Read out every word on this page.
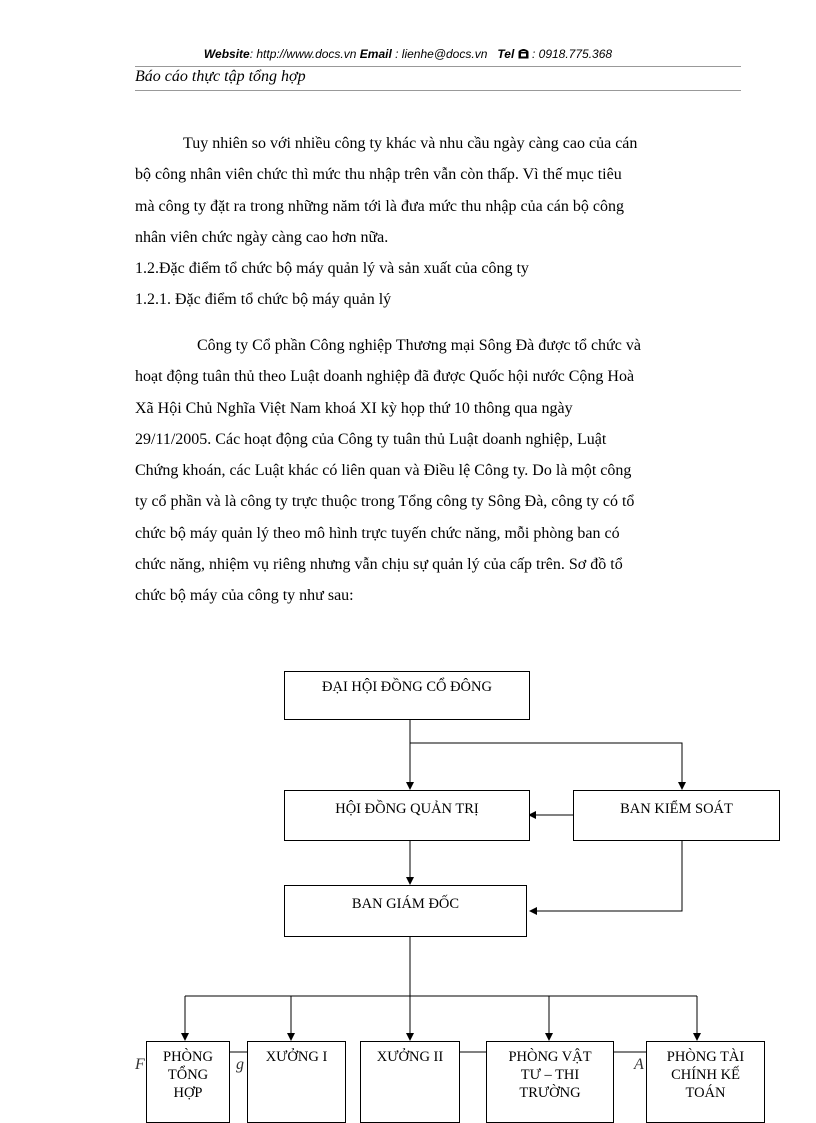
Website: http://www.docs.vn Email : lienhe@docs.vn Tel : 0918.775.368
Báo cáo thực tập tổng hợp
Tuy nhiên so với nhiều công ty khác và nhu cầu ngày càng cao của cán
bộ công nhân viên chức thì mức thu nhập trên vẫn còn thấp. Vì thế mục tiêu
mà công ty đặt ra trong những năm tới là đưa mức thu nhập của cán bộ công
nhân viên chức ngày càng cao hơn nữa.
1.2.Đặc điểm tổ chức bộ máy quản lý và sản xuất của công ty
1.2.1. Đặc điểm tổ chức bộ máy quản lý
Công ty Cổ phần Công nghiệp Thương mại Sông Đà được tổ chức và
hoạt động tuân thủ theo Luật doanh nghiệp đã được Quốc hội nước Cộng Hoà
Xã Hội Chủ Nghĩa Việt Nam khoá XI kỳ họp thứ 10 thông qua ngày
29/11/2005. Các hoạt động của Công ty tuân thủ Luật doanh nghiệp, Luật
Chứng khoán, các Luật khác có liên quan và Điều lệ Công ty. Do là một công
ty cổ phần và là công ty trực thuộc trong Tổng công ty Sông Đà, công ty có tổ
chức bộ máy quản lý theo mô hình trực tuyến chức năng, mỗi phòng ban có
chức năng, nhiệm vụ riêng nhưng vẫn chịu sự quản lý của cấp trên. Sơ đồ tổ
chức bộ máy của công ty như sau:
ĐẠI HỘI ĐỒNG CỔ ĐÔNG
HỘI ĐỒNG QUẢN TRỊ	BAN KIỂM SOÁT
BAN GIÁM ĐỐC
F	g	A
PHÒNG
TỔNG
HỢP
XƯỞNG I	XƯỞNG II	PHÒNG VẬT
TƯ – THI
TRƯỜNG
PHÒNG TÀI
CHÍNH KẾ
TOÁN
